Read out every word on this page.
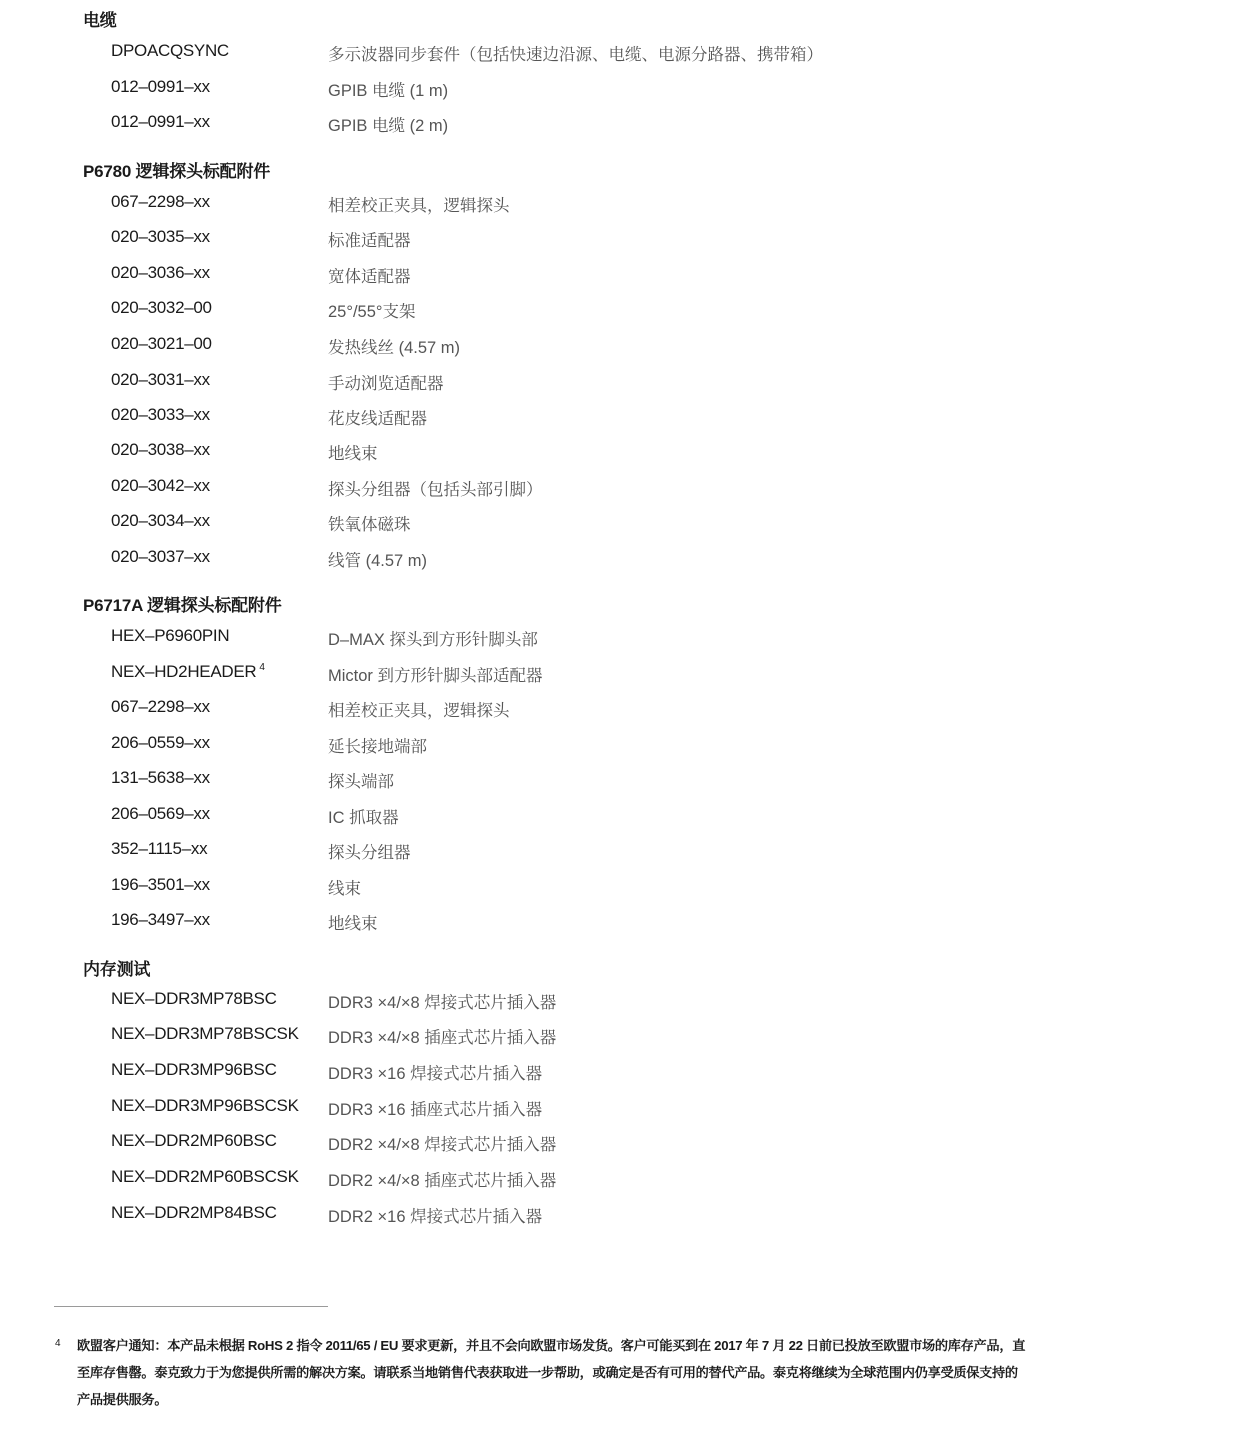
电缆
DPOACQSYNC	多示波器同步套件（包括快速边沿源、电缆、电源分路器、携带箱）
012–0991–xx	GPIB 电缆 (1 m)
012–0991–xx	GPIB 电缆 (2 m)
P6780 逻辑探头标配附件
067–2298–xx	相差校正夹具，逻辑探头
020–3035–xx	标准适配器
020–3036–xx	宽体适配器
020–3032–00	25°/55°支架
020–3021–00	发热线丝 (4.57 m)
020–3031–xx	手动浏览适配器
020–3033–xx	花皮线适配器
020–3038–xx	地线束
020–3042–xx	探头分组器（包括头部引脚）
020–3034–xx	铁氧体磁珠
020–3037–xx	线管 (4.57 m)
P6717A 逻辑探头标配附件
HEX–P6960PIN	D–MAX 探头到方形针脚头部
NEX–HD2HEADER $^4$	Mictor 到方形针脚头部适配器
067–2298–xx	相差校正夹具，逻辑探头
206–0559–xx	延长接地端部
131–5638–xx	探头端部
206–0569–xx	IC 抓取器
352–1115–xx	探头分组器
196–3501–xx	线束
196–3497–xx	地线束
内存测试
NEX–DDR3MP78BSC	DDR3 ×4/×8 焊接式芯片插入器
NEX–DDR3MP78BSCSK DDR3 ×4/×8 插座式芯片插入器
NEX–DDR3MP96BSC	DDR3 ×16 焊接式芯片插入器
NEX–DDR3MP96BSCSK DDR3 ×16 插座式芯片插入器
NEX–DDR2MP60BSC	DDR2 ×4/×8 焊接式芯片插入器
NEX–DDR2MP60BSCSK DDR2 ×4/×8 插座式芯片插入器
NEX–DDR2MP84BSC	DDR2 ×16 焊接式芯片插入器
4 欧盟客户通知：本产品未根据 RoHS 2 指令 2011/65 / EU 要求更新，并且不会向欧盟市场发货。客户可能买到在 2017 年 7 月 22 日前已投放至欧盟市场的库存产品，直
至库存售罄。泰克致力于为您提供所需的解决方案。请联系当地销售代表获取进一步帮助，或确定是否有可用的替代产品。泰克将继续为全球范围内仍享受质保支持的
产品提供服务。
